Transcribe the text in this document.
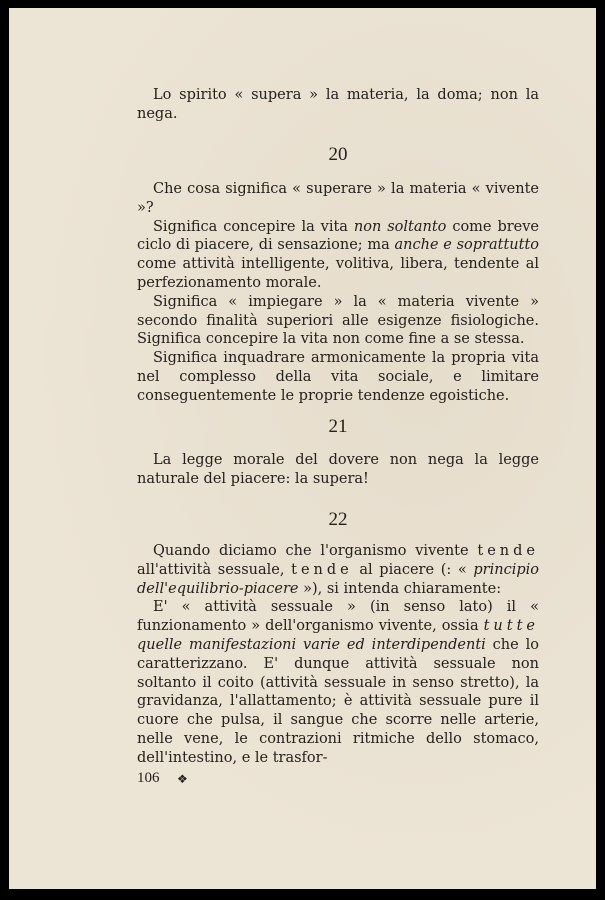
Lo spirito « supera » la materia, la doma; non la nega.

20

Che cosa significa « superare » la materia « vivente »?

Significa concepire la vita non soltanto come breve ciclo di piacere, di sensazione; ma anche e soprattutto come attività intelligente, volitiva, libera, tendente al perfezionamento morale.

Significa « impiegare » la « materia vivente » secondo finalità superiori alle esigenze fisiologiche. Significa concepire la vita non come fine a se stessa.

Significa inquadrare armonicamente la propria vita nel complesso della vita sociale, e limitare conseguentemente le proprie tendenze egoistiche.

21

La legge morale del dovere non nega la legge naturale del piacere: la supera!

22

Quando diciamo che l'organismo vivente tende all'attività sessuale, tende al piacere (: « principio dell'equilibrio-piacere »), si intenda chiaramente:

E' « attività sessuale » (in senso lato) il « funzionamento » dell'organismo vivente, ossia tutte quelle manifestazioni varie ed interdipendenti che lo caratterizzano. E' dunque attività sessuale non soltanto il coito (attività sessuale in senso stretto), la gravidanza, l'allattamento; è attività sessuale pure il cuore che pulsa, il sangue che scorre nelle arterie, nelle vene, le contrazioni ritmiche dello stomaco, dell'intestino, e le trasfor-

106 ❖
